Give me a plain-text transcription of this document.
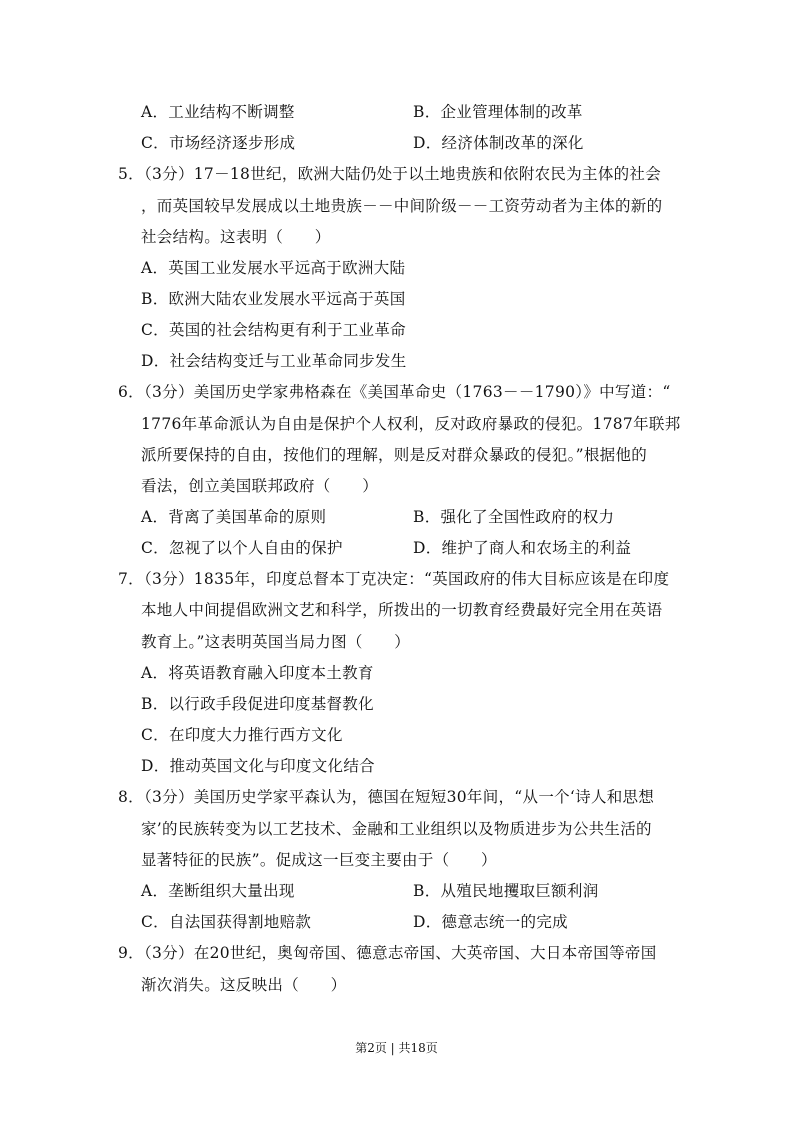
A．工业结构不断调整	B．企业管理体制的改革
C．市场经济逐步形成	D．经济体制改革的深化
5．（3分）17－18世纪，欧洲大陆仍处于以土地贵族和依附农民为主体的社会
，而英国较早发展成以土地贵族－－中间阶级－－工资劳动者为主体的新的
社会结构。这表明（　　）
A．英国工业发展水平远高于欧洲大陆
B．欧洲大陆农业发展水平远高于英国
C．英国的社会结构更有利于工业革命
D．社会结构变迁与工业革命同步发生
6．（3分）美国历史学家弗格森在《美国革命史（1763－－1790）》中写道：“
1776年革命派认为自由是保护个人权利，反对政府暴政的侵犯。1787年联邦
派所要保持的自由，按他们的理解，则是反对群众暴政的侵犯。”根据他的
看法，创立美国联邦政府（　　）
A．背离了美国革命的原则	B．强化了全国性政府的权力
C．忽视了以个人自由的保护	D．维护了商人和农场主的利益
7．（3分）1835年，印度总督本丁克决定：“英国政府的伟大目标应该是在印度
本地人中间提倡欧洲文艺和科学，所拨出的一切教育经费最好完全用在英语
教育上。”这表明英国当局力图（　　）
A．将英语教育融入印度本土教育
B．以行政手段促进印度基督教化
C．在印度大力推行西方文化
D．推动英国文化与印度文化结合
8．（3分）美国历史学家平森认为，德国在短短30年间，“从一个‘诗人和思想
家’的民族转变为以工艺技术、金融和工业组织以及物质进步为公共生活的
显著特征的民族”。促成这一巨变主要由于（　　）
A．垄断组织大量出现	B．从殖民地攫取巨额利润
C．自法国获得割地赔款	D．德意志统一的完成
9．（3分）在20世纪，奥匈帝国、德意志帝国、大英帝国、大日本帝国等帝国
渐次消失。这反映出（　　）
第2页 | 共18页
